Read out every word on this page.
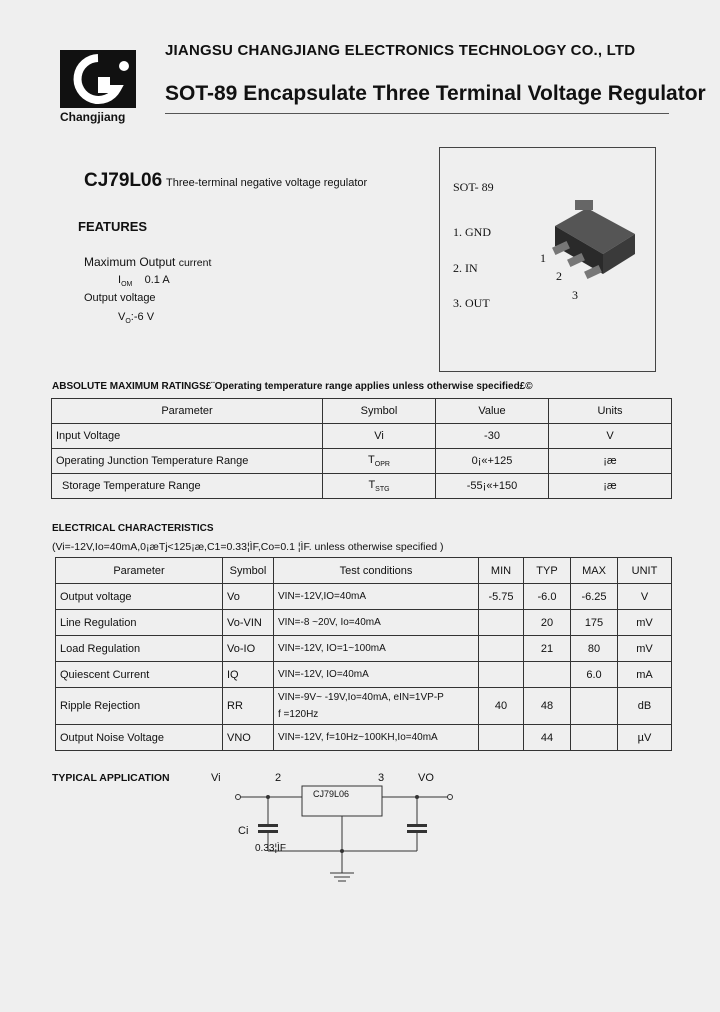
Changjiang
JIANGSU CHANGJIANG ELECTRONICS TECHNOLOGY CO., LTD
SOT-89 Encapsulate Three Terminal Voltage Regulator
CJ79L06 Three-terminal negative voltage regulator
FEATURES
Maximum Output current
$I_{OM}$ 0.1 A
Output voltage
$V_O:-6$ V
SOT- 89
1. GND
2. IN
3. OUT
1
2
3
ABSOLUTE MAXIMUM RATINGS£¨Operating temperature range applies unless otherwise specified£©
Parameter	Symbol	Value	Units
Input Voltage	Vi	-30	V
Operating Junction Temperature Range	$T_{OPR}$	0¡«+125	¡æ
Storage Temperature Range	$T_{STG}$	-55¡«+150	¡æ
ELECTRICAL CHARACTERISTICS
(Vi=-12V,Io=40mA,0¡æTj<125¡æ,C1=0.33¦ÌF,Co=0.1 ¦ÌF. unless otherwise specified )
Parameter	Symbol	Test conditions	MIN	TYP	MAX	UNIT
Output voltage	Vo	VIN=-12V,IO=40mA	-5.75	-6.0	-6.25	V
Line Regulation	Vo-VIN	VIN=-8 ~20V, Io=40mA		20	175	mV
Load Regulation	Vo-IO	VIN=-12V, IO=1~100mA		21	80	mV
Quiescent Current	IQ	VIN=-12V, IO=40mA			6.0	mA
Ripple Rejection	RR	VIN=-9V~ -19V,Io=40mA, eIN=1VP-P
f =120Hz	40	48		dB
Output Noise Voltage	VNO	VIN=-12V, f=10Hz~100KH,Io=40mA		44		µV
TYPICAL APPLICATION	Vi	2	3	VO
CJ79L06
Ci
0.33¦ÌF
